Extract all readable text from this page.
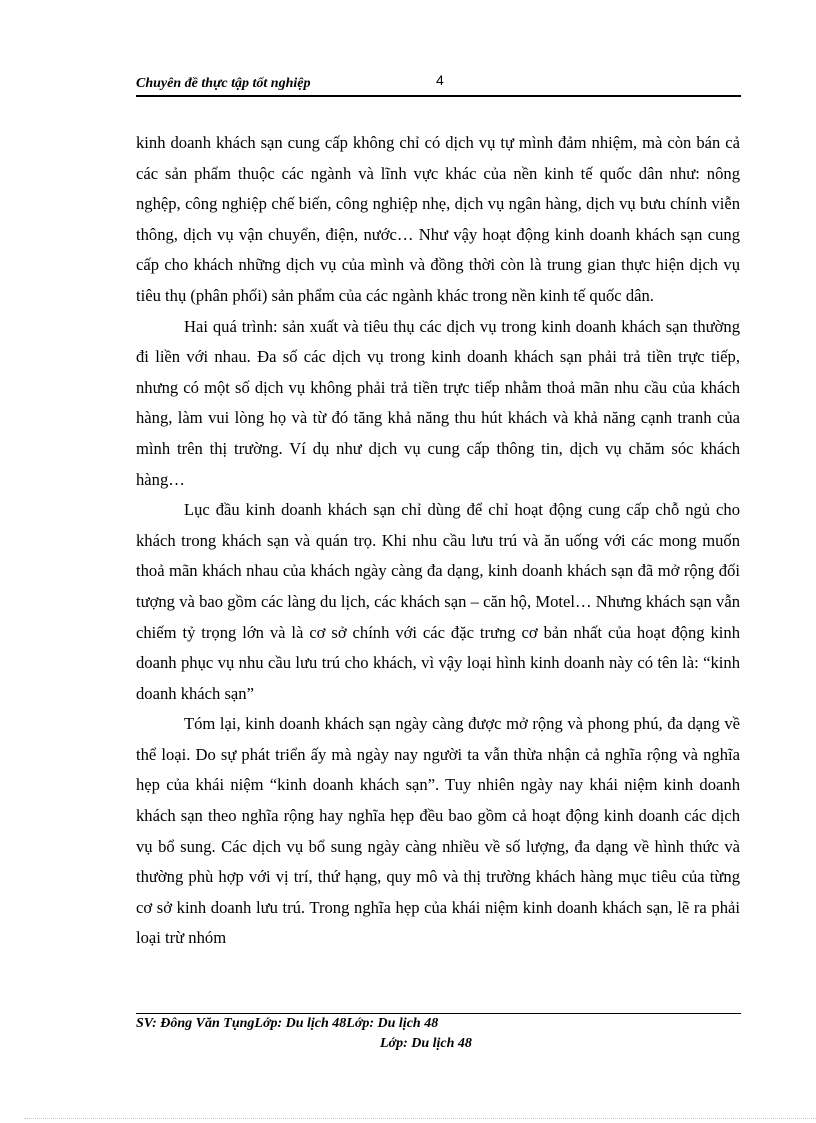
Chuyên đề thực tập tốt nghiệp	4

kinh doanh khách sạn cung cấp không chỉ có dịch vụ tự mình đảm nhiệm, mà còn bán cả các sản phẩm thuộc các ngành và lĩnh vực khác của nền kinh tế quốc dân như: nông nghệp, công nghiệp chế biến, công nghiệp nhẹ, dịch vụ ngân hàng, dịch vụ bưu chính viễn thông, dịch vụ vận chuyển, điện, nước… Như vậy hoạt động kinh doanh khách sạn cung cấp cho khách những dịch vụ của mình và đồng thời còn là trung gian thực hiện dịch vụ tiêu thụ (phân phối) sản phẩm của các ngành khác trong nền kinh tế quốc dân.

Hai quá trình: sản xuất và tiêu thụ các dịch vụ trong kinh doanh khách sạn thường đi liền với nhau. Đa số các dịch vụ trong kinh doanh khách sạn phải trả tiền trực tiếp, nhưng có một số dịch vụ không phải trả tiền trực tiếp nhằm thoả mãn nhu cầu của khách hàng, làm vui lòng họ và từ đó tăng khả năng thu hút khách và khả năng cạnh tranh của mình trên thị trường. Ví dụ như dịch vụ cung cấp thông tin, dịch vụ chăm sóc khách hàng…

Lục đầu kinh doanh khách sạn chỉ dùng để chỉ hoạt động cung cấp chỗ ngủ cho khách trong khách sạn và quán trọ. Khi nhu cầu lưu trú và ăn uống với các mong muốn thoả mãn khách nhau của khách ngày càng đa dạng, kinh doanh khách sạn đã mở rộng đối tượng và bao gồm các làng du lịch, các khách sạn – căn hộ, Motel… Nhưng khách sạn vẫn chiếm tỷ trọng lớn và là cơ sở chính với các đặc trưng cơ bản nhất của hoạt động kinh doanh phục vụ nhu cầu lưu trú cho khách, vì vậy loại hình kinh doanh này có tên là: “kinh doanh khách sạn”

Tóm lại, kinh doanh khách sạn ngày càng được mở rộng và phong phú, đa dạng về thể loại. Do sự phát triển ấy mà ngày nay người ta vẫn thừa nhận cả nghĩa rộng và nghĩa hẹp của khái niệm “kinh doanh khách sạn”. Tuy nhiên ngày nay khái niệm kinh doanh khách sạn theo nghĩa rộng hay nghĩa hẹp đều bao gồm cả hoạt động kinh doanh các dịch vụ bổ sung. Các dịch vụ bổ sung ngày càng nhiều về số lượng, đa dạng về hình thức và thường phù hợp với vị trí, thứ hạng, quy mô và thị trường khách hàng mục tiêu của từng cơ sở kinh doanh lưu trú. Trong nghĩa hẹp của khái niệm kinh doanh khách sạn, lẽ ra phải loại trừ nhóm

SV: Đông Văn TụngLớp: Du lịch 48Lớp: Du lịch 48
Lớp: Du lịch 48
